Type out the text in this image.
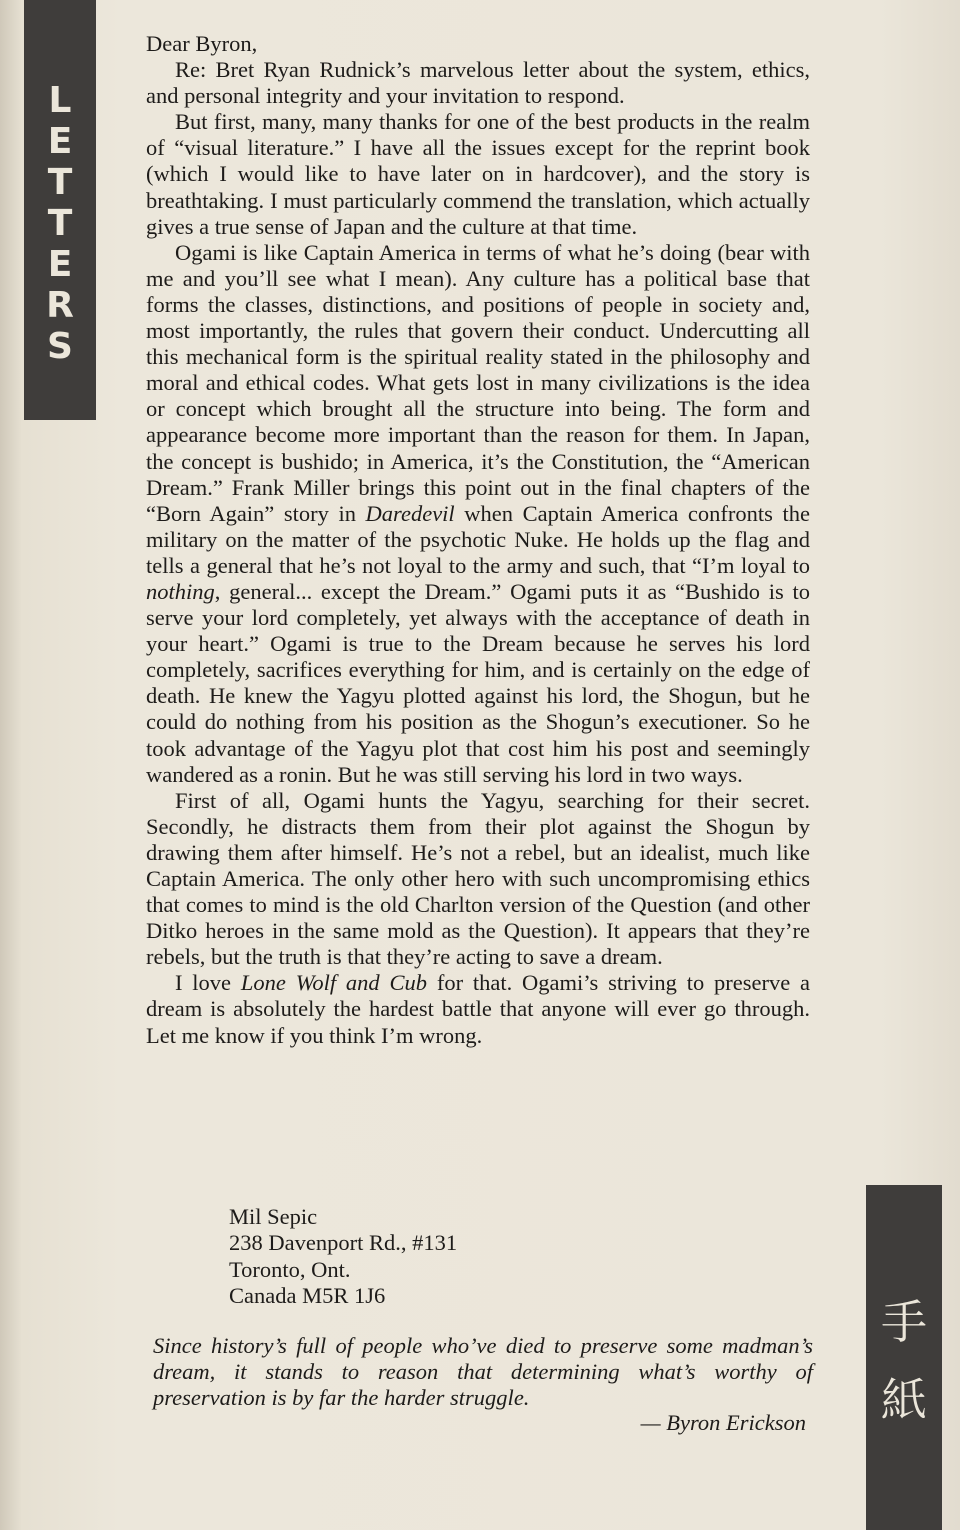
L
E
T
T
E
R
S
手
紙

Dear Byron,

Re: Bret Ryan Rudnick’s marvelous letter about the system, ethics, and personal integrity and your invitation to respond.

But first, many, many thanks for one of the best products in the realm of “visual literature.” I have all the issues except for the reprint book (which I would like to have later on in hardcover), and the story is breathtaking. I must particularly commend the translation, which actually gives a true sense of Japan and the culture at that time.

Ogami is like Captain America in terms of what he’s doing (bear with me and you’ll see what I mean). Any culture has a political base that forms the classes, distinctions, and positions of people in society and, most importantly, the rules that govern their conduct. Undercutting all this mechanical form is the spiritual reality stated in the philosophy and moral and ethical codes. What gets lost in many civilizations is the idea or concept which brought all the structure into being. The form and appearance become more important than the reason for them. In Japan, the concept is bushido; in America, it’s the Constitution, the “American Dream.” Frank Miller brings this point out in the final chapters of the “Born Again” story in Daredevil when Captain America confronts the military on the matter of the psychotic Nuke. He holds up the flag and tells a general that he’s not loyal to the army and such, that “I’m loyal to nothing, general... except the Dream.” Ogami puts it as “Bushido is to serve your lord completely, yet always with the acceptance of death in your heart.” Ogami is true to the Dream because he serves his lord completely, sacrifices everything for him, and is certainly on the edge of death. He knew the Yagyu plotted against his lord, the Shogun, but he could do nothing from his position as the Shogun’s executioner. So he took advantage of the Yagyu plot that cost him his post and seemingly wandered as a ronin. But he was still serving his lord in two ways.

First of all, Ogami hunts the Yagyu, searching for their secret. Secondly, he distracts them from their plot against the Shogun by drawing them after himself. He’s not a rebel, but an idealist, much like Captain America. The only other hero with such uncompromising ethics that comes to mind is the old Charlton version of the Question (and other Ditko heroes in the same mold as the Question). It appears that they’re rebels, but the truth is that they’re acting to save a dream.

I love Lone Wolf and Cub for that. Ogami’s striving to preserve a dream is absolutely the hardest battle that anyone will ever go through. Let me know if you think I’m wrong.

Mil Sepic
238 Davenport Rd., #131
Toronto, Ont.
Canada M5R 1J6

Since history’s full of people who’ve died to preserve some madman’s dream, it stands to reason that determining what’s worthy of preservation is by far the harder struggle.

— Byron Erickson
